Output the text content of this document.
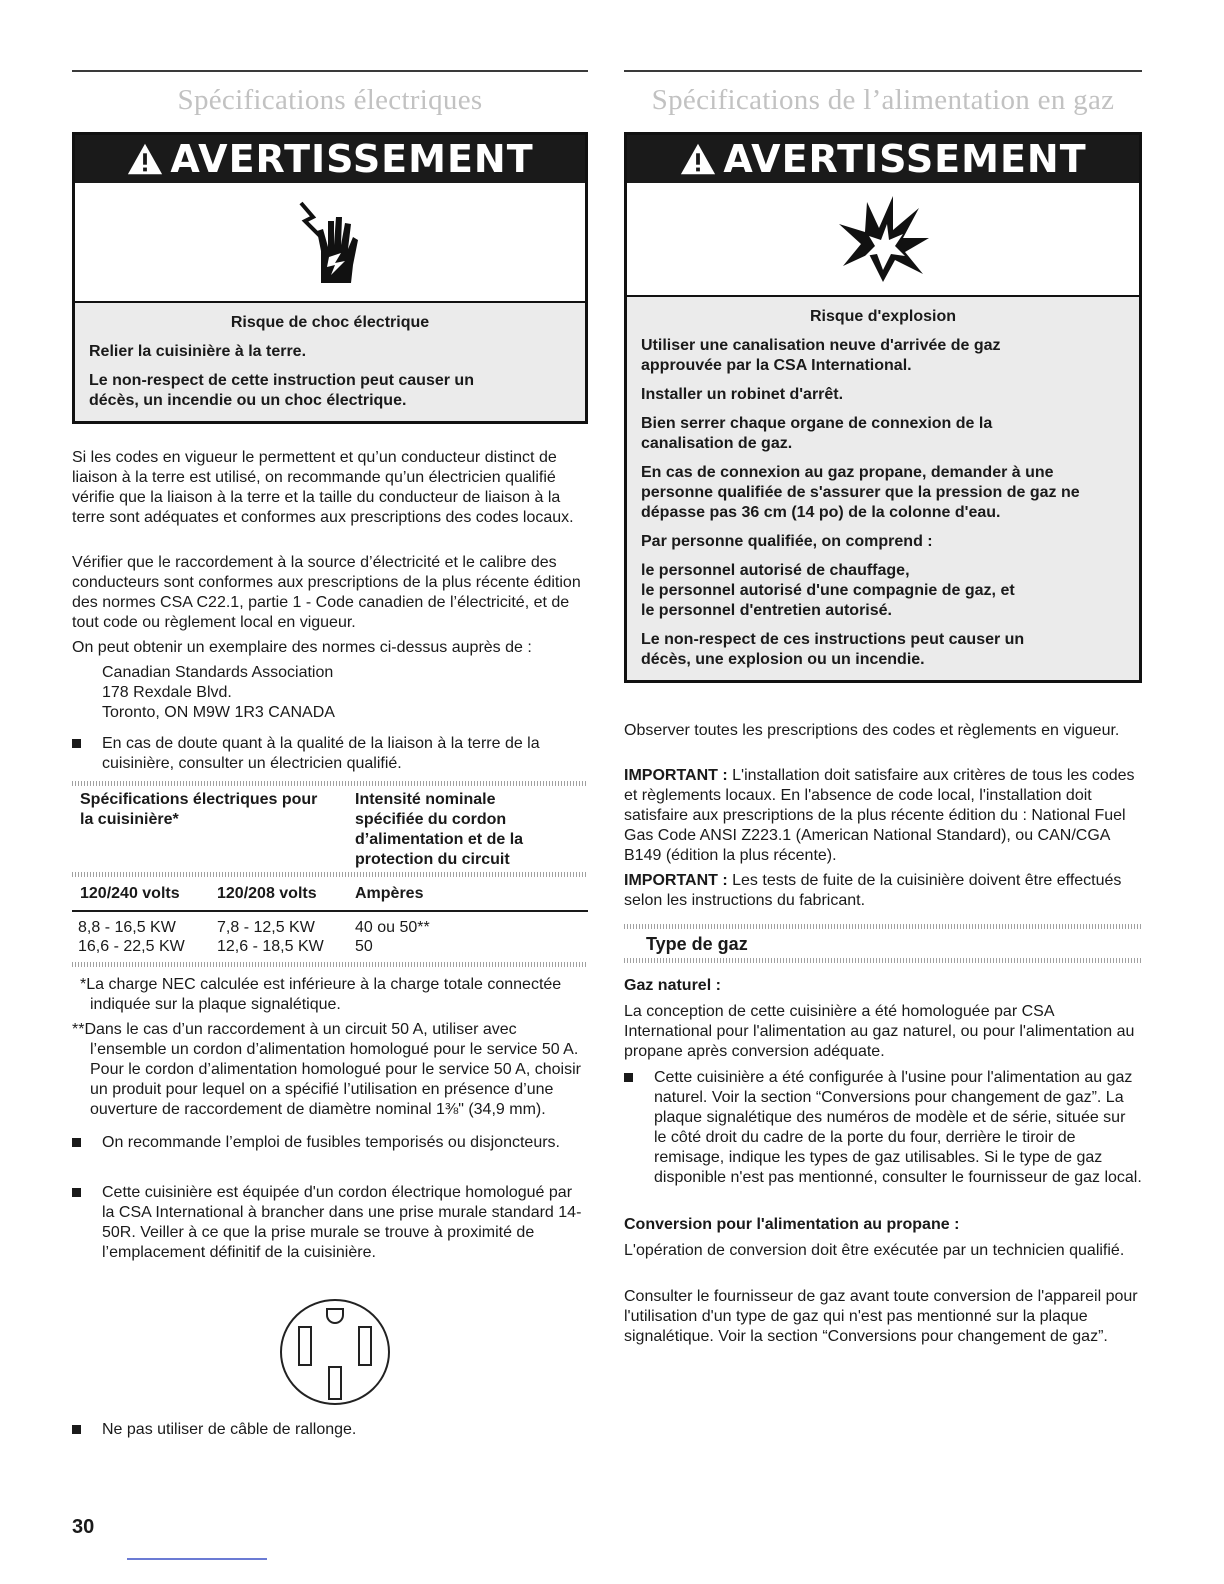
Spécifications électriques
AVERTISSEMENT
Risque de choc électrique

Relier la cuisinière à la terre.

Le non-respect de cette instruction peut causer un décès, un incendie ou un choc électrique.

Si les codes en vigueur le permettent et qu’un conducteur distinct de liaison à la terre est utilisé, on recommande qu’un électricien qualifié vérifie que la liaison à la terre et la taille du conducteur de liaison à la terre sont adéquates et conformes aux prescriptions des codes locaux.

Vérifier que le raccordement à la source d’électricité et le calibre des conducteurs sont conformes aux prescriptions de la plus récente édition des normes CSA C22.1, partie 1 - Code canadien de l’électricité, et de tout code ou règlement local en vigueur.

On peut obtenir un exemplaire des normes ci-dessus auprès de :

Canadian Standards Association
178 Rexdale Blvd.
Toronto, ON M9W 1R3 CANADA
En cas de doute quant à la qualité de la liaison à la terre de la cuisinière, consulter un électricien qualifié.
Spécifications électriques pour la cuisinière*
Intensité nominale spécifiée du cordon d’alimentation et de la protection du circuit
120/240 volts 120/208 volts Ampères
8,8 - 16,5 KW	7,8 - 12,5 KW	40 ou 50**
16,6 - 22,5 KW 12,6 - 18,5 KW 50
*La charge NEC calculée est inférieure à la charge totale connectée indiquée sur la plaque signalétique.
**Dans le cas d’un raccordement à un circuit 50 A, utiliser avec l’ensemble un cordon d’alimentation homologué pour le service 50 A. Pour le cordon d’alimentation homologué pour le service 50 A, choisir un produit pour lequel on a spécifié l’utilisation en présence d’une ouverture de raccordement de diamètre nominal 1⅜" (34,9 mm).
On recommande l’emploi de fusibles temporisés ou disjoncteurs.
Cette cuisinière est équipée d'un cordon électrique homologué par la CSA International à brancher dans une prise murale standard 14-50R. Veiller à ce que la prise murale se trouve à proximité de l’emplacement définitif de la cuisinière.
Ne pas utiliser de câble de rallonge.
Spécifications de l’alimentation en gaz
AVERTISSEMENT
Risque d'explosion

Utiliser une canalisation neuve d'arrivée de gaz approuvée par la CSA International.

Installer un robinet d'arrêt.

Bien serrer chaque organe de connexion de la canalisation de gaz.

En cas de connexion au gaz propane, demander à une personne qualifiée de s'assurer que la pression de gaz ne dépasse pas 36 cm (14 po) de la colonne d'eau.

Par personne qualifiée, on comprend :

le personnel autorisé de chauffage,

le personnel autorisé d'une compagnie de gaz, et

le personnel d'entretien autorisé.

Le non-respect de ces instructions peut causer un décès, une explosion ou un incendie.

Observer toutes les prescriptions des codes et règlements en vigueur.

IMPORTANT : L'installation doit satisfaire aux critères de tous les codes et règlements locaux. En l'absence de code local, l'installation doit satisfaire aux prescriptions de la plus récente édition du : National Fuel Gas Code ANSI Z223.1 (American National Standard), ou CAN/CGA B149 (édition la plus récente).

IMPORTANT : Les tests de fuite de la cuisinière doivent être effectués selon les instructions du fabricant.

Type de gaz
Gaz naturel :

La conception de cette cuisinière a été homologuée par CSA International pour l'alimentation au gaz naturel, ou pour l'alimentation au propane après conversion adéquate.

Cette cuisinière a été configurée à l'usine pour l'alimentation au gaz naturel. Voir la section “Conversions pour changement de gaz”. La plaque signalétique des numéros de modèle et de série, située sur le côté droit du cadre de la porte du four, derrière le tiroir de remisage, indique les types de gaz utilisables. Si le type de gaz disponible n'est pas mentionné, consulter le fournisseur de gaz local.
Conversion pour l'alimentation au propane :

L'opération de conversion doit être exécutée par un technicien qualifié.

Consulter le fournisseur de gaz avant toute conversion de l'appareil pour l'utilisation d'un type de gaz qui n'est pas mentionné sur la plaque signalétique. Voir la section “Conversions pour changement de gaz”.

30
